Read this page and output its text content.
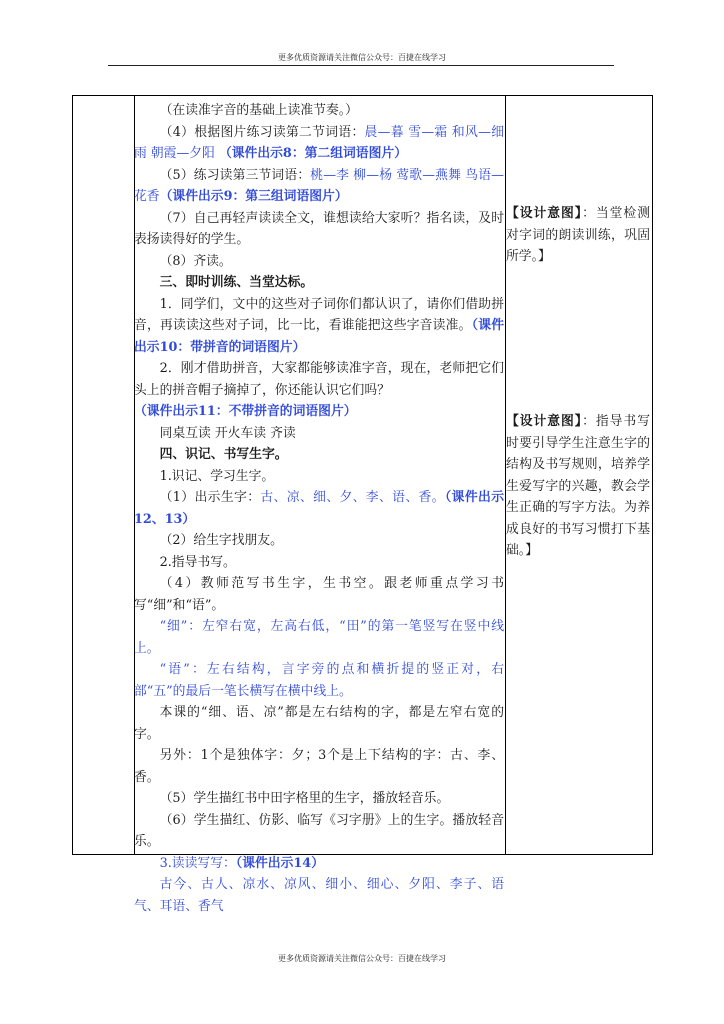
更多优质资源请关注微信公众号：百捷在线学习

（在读准字音的基础上读准节奏。）

（4）根据图片练习读第二节词语：晨—暮 雪—霜 和风—细雨 朝霞—夕阳 （课件出示8：第二组词语图片）

（5）练习读第三节词语：桃—李 柳—杨 莺歌—燕舞 鸟语—花香（课件出示9：第三组词语图片）

（7）自己再轻声读读全文，谁想读给大家听？指名读，及时表扬读得好的学生。

（8）齐读。

三、即时训练、当堂达标。

1．同学们，文中的这些对子词你们都认识了，请你们借助拼音，再读读这些对子词，比一比，看谁能把这些字音读准。（课件出示10：带拼音的词语图片）

2．刚才借助拼音，大家都能够读准字音，现在，老师把它们头上的拼音帽子摘掉了，你还能认识它们吗？

（课件出示11：不带拼音的词语图片）

同桌互读 开火车读 齐读

四、识记、书写生字。

1.识记、学习生字。

（1）出示生字：古、凉、细、夕、李、语、香。（课件出示12、13）

（2）给生字找朋友。

2.指导书写。

（4）教师范写书生字，生书空。跟老师重点学习书写“细”和“语”。

“细”：左窄右宽，左高右低，“田”的第一笔竖写在竖中线上。

“语”：左右结构，言字旁的点和横折提的竖正对，右部“五”的最后一笔长横写在横中线上。

本课的“细、语、凉”都是左右结构的字，都是左窄右宽的字。

另外：1个是独体字：夕；3个是上下结构的字：古、李、香。

（5）学生描红书中田字格里的生字，播放轻音乐。

（6）学生描红、仿影、临写《习字册》上的生字。播放轻音乐。

3.读读写写：（课件出示14）

古今、古人、凉水、凉风、细小、细心、夕阳、李子、语气、耳语、香气

【设计意图】：当堂检测对字词的朗读训练，巩固所学。】

【设计意图】：指导书写时要引导学生注意生字的结构及书写规则，培养学生爱写字的兴趣，教会学生正确的写字方法。为养成良好的书写习惯打下基础。】

更多优质资源请关注微信公众号：百捷在线学习
